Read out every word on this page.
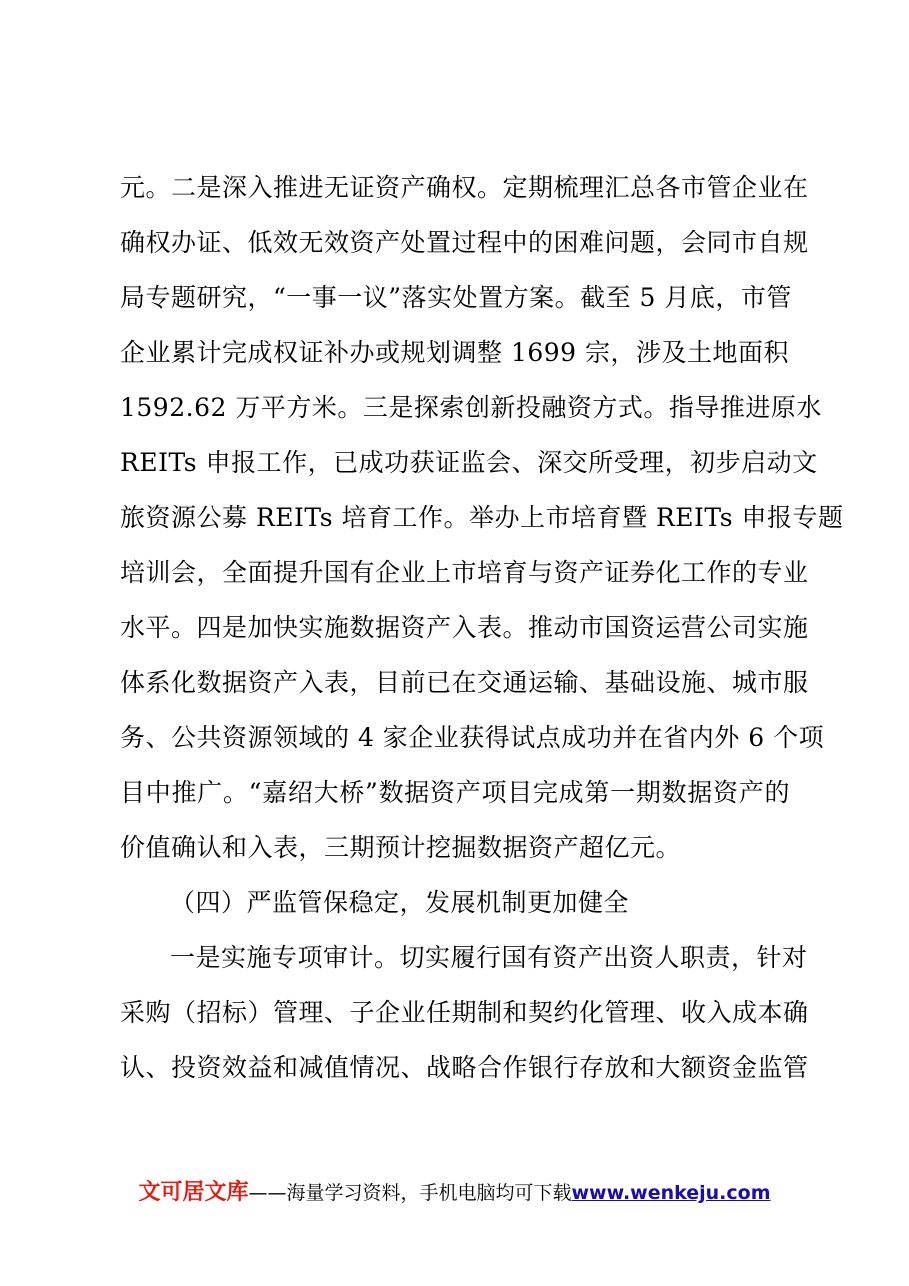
元。二是深入推进无证资产确权。定期梳理汇总各市管企业在
确权办证、低效无效资产处置过程中的困难问题，会同市自规
局专题研究，“一事一议”落实处置方案。截至 5 月底，市管
企业累计完成权证补办或规划调整 1699 宗，涉及土地面积
1592.62 万平方米。三是探索创新投融资方式。指导推进原水
REITs 申报工作，已成功获证监会、深交所受理，初步启动文
旅资源公募 REITs 培育工作。举办上市培育暨 REITs 申报专题
培训会，全面提升国有企业上市培育与资产证券化工作的专业
水平。四是加快实施数据资产入表。推动市国资运营公司实施
体系化数据资产入表，目前已在交通运输、基础设施、城市服
务、公共资源领域的 4 家企业获得试点成功并在省内外 6 个项
目中推广。“嘉绍大桥”数据资产项目完成第一期数据资产的
价值确认和入表，三期预计挖掘数据资产超亿元。
（四）严监管保稳定，发展机制更加健全
一是实施专项审计。切实履行国有资产出资人职责，针对
采购（招标）管理、子企业任期制和契约化管理、收入成本确
认、投资效益和减值情况、战略合作银行存放和大额资金监管
文可居文库——海量学习资料，手机电脑均可下载www.wenkeju.com
